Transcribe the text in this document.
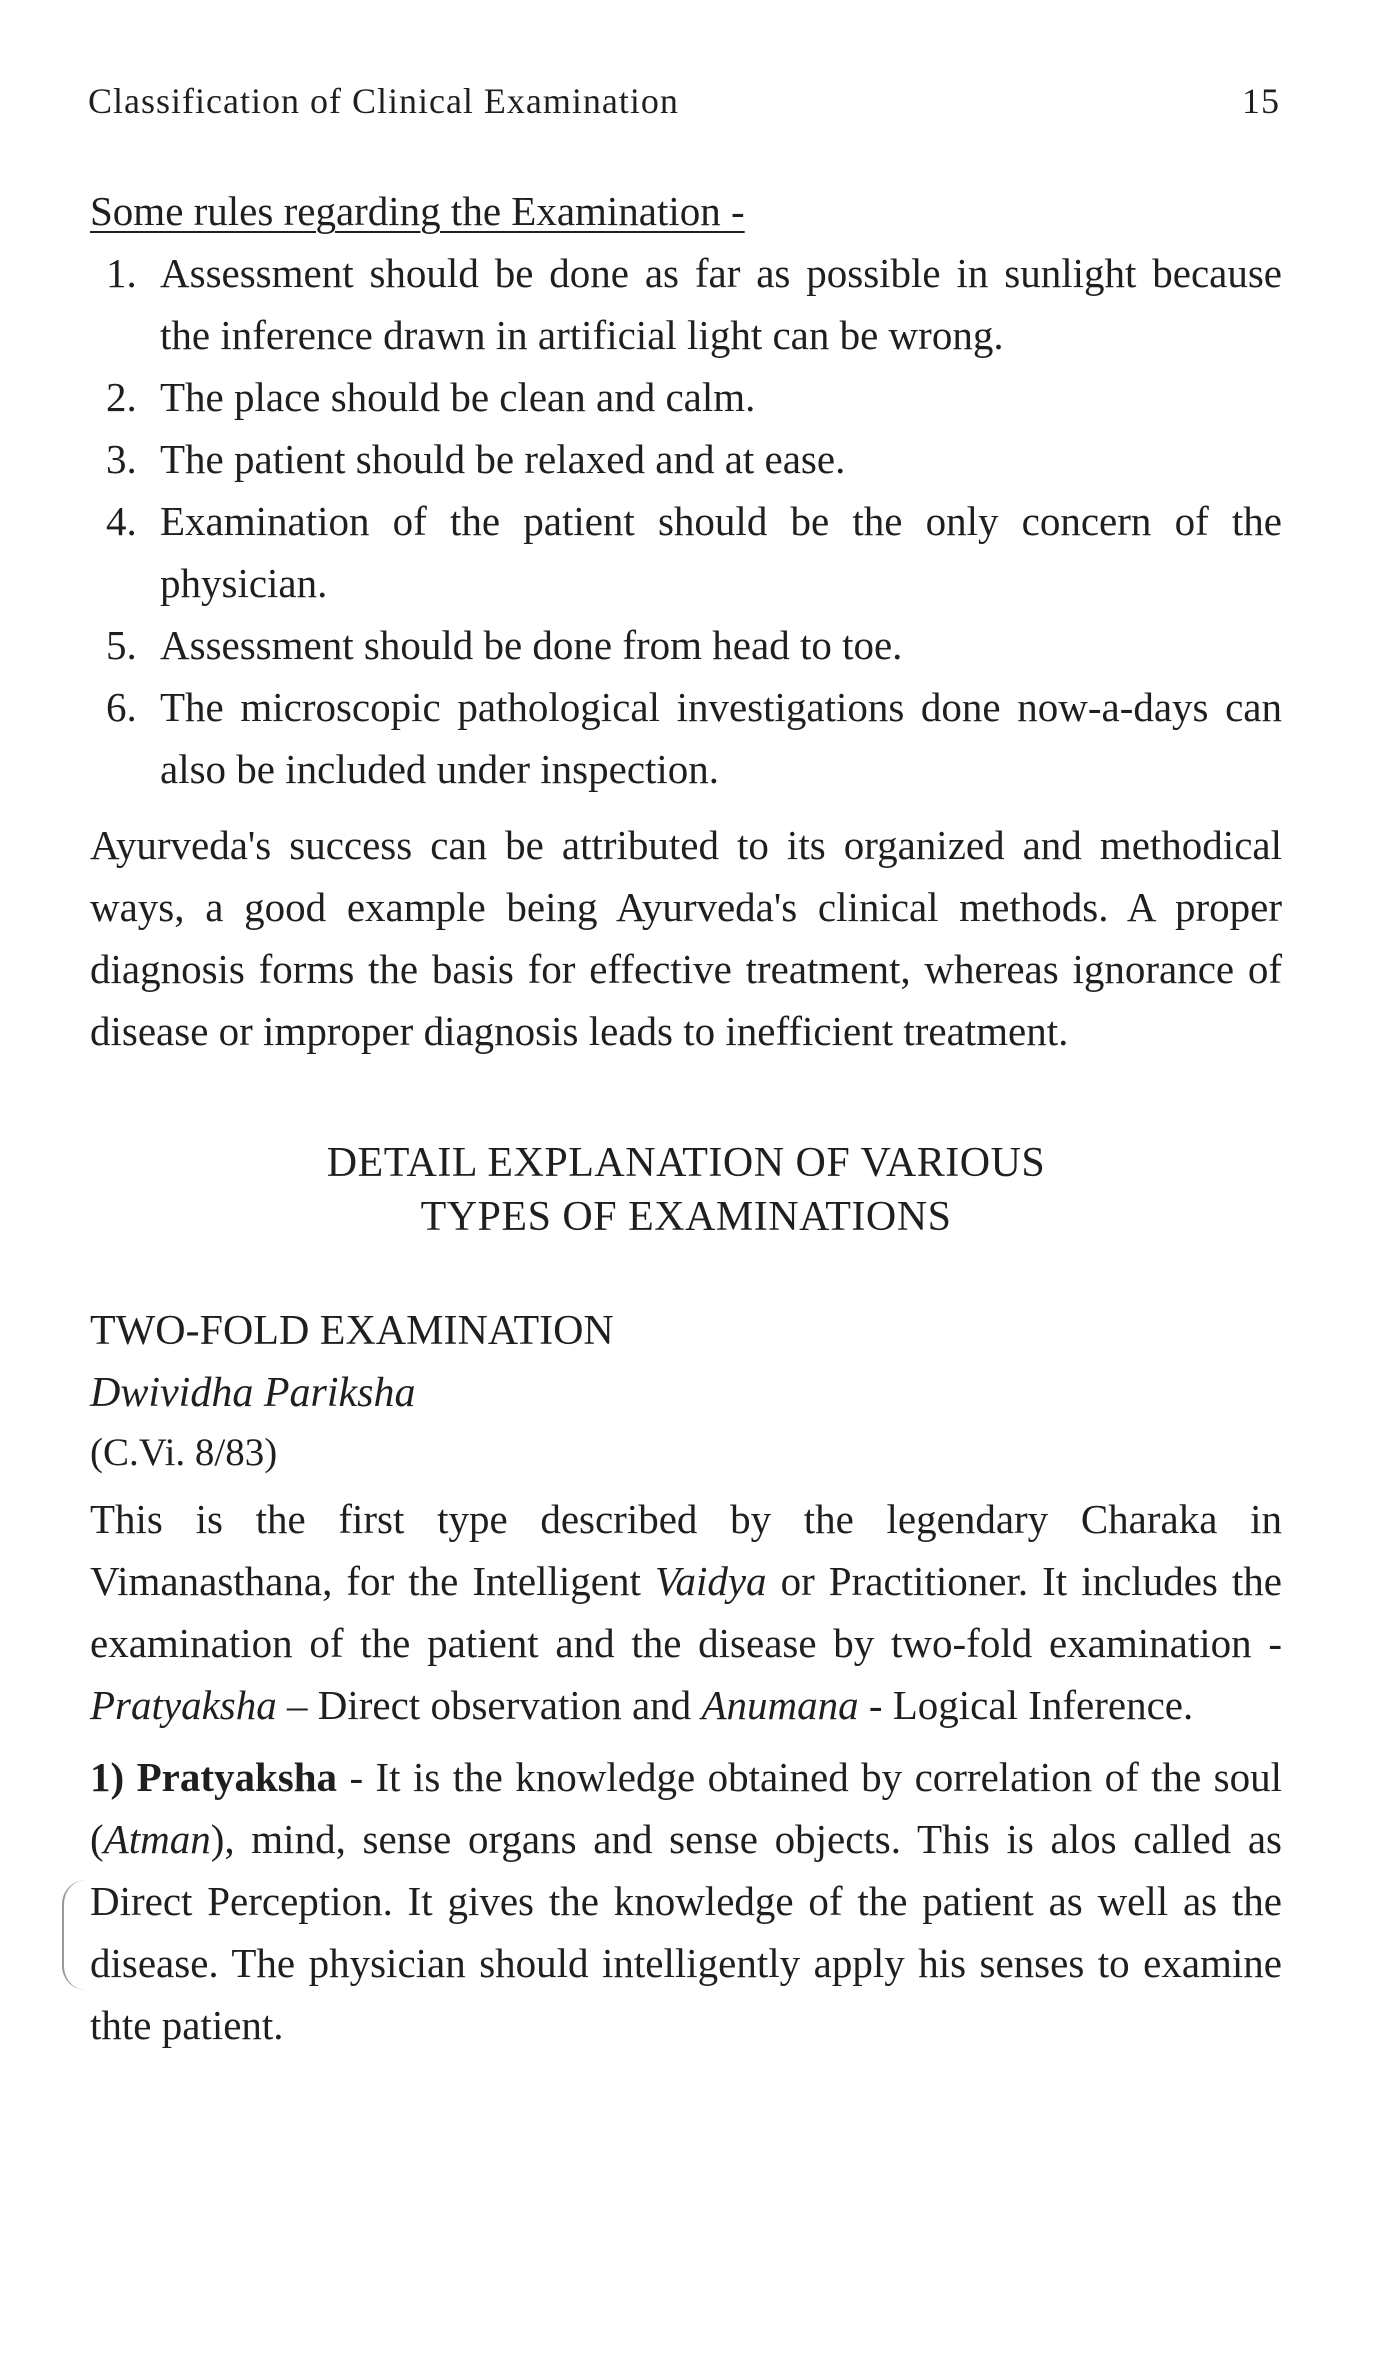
Classification of Clinical Examination	15
Some rules regarding the Examination -
1. Assessment should be done as far as possible in sunlight because the inference drawn in artificial light can be wrong.
2. The place should be clean and calm.
3. The patient should be relaxed and at ease.
4. Examination of the patient should be the only concern of the physician.
5. Assessment should be done from head to toe.
6. The microscopic pathological investigations done now-a-days can also be included under inspection.

Ayurveda's success can be attributed to its organized and methodical ways, a good example being Ayurveda's clinical methods. A proper diagnosis forms the basis for effective treatment, whereas ignorance of disease or improper diagnosis leads to inefficient treatment.

DETAIL EXPLANATION OF VARIOUS
TYPES OF EXAMINATIONS
TWO-FOLD EXAMINATION
Dwividha Pariksha
(C.Vi. 8/83)

This is the first type described by the legendary Charaka in Vimanasthana, for the Intelligent Vaidya or Practitioner. It includes the examination of the patient and the disease by two-fold examination - Pratyaksha – Direct observation and Anumana - Logical Inference.

1) Pratyaksha - It is the knowledge obtained by correlation of the soul (Atman), mind, sense organs and sense objects. This is alos called as Direct Perception. It gives the knowledge of the patient as well as the disease. The physician should intelligently apply his senses to examine thte patient.
